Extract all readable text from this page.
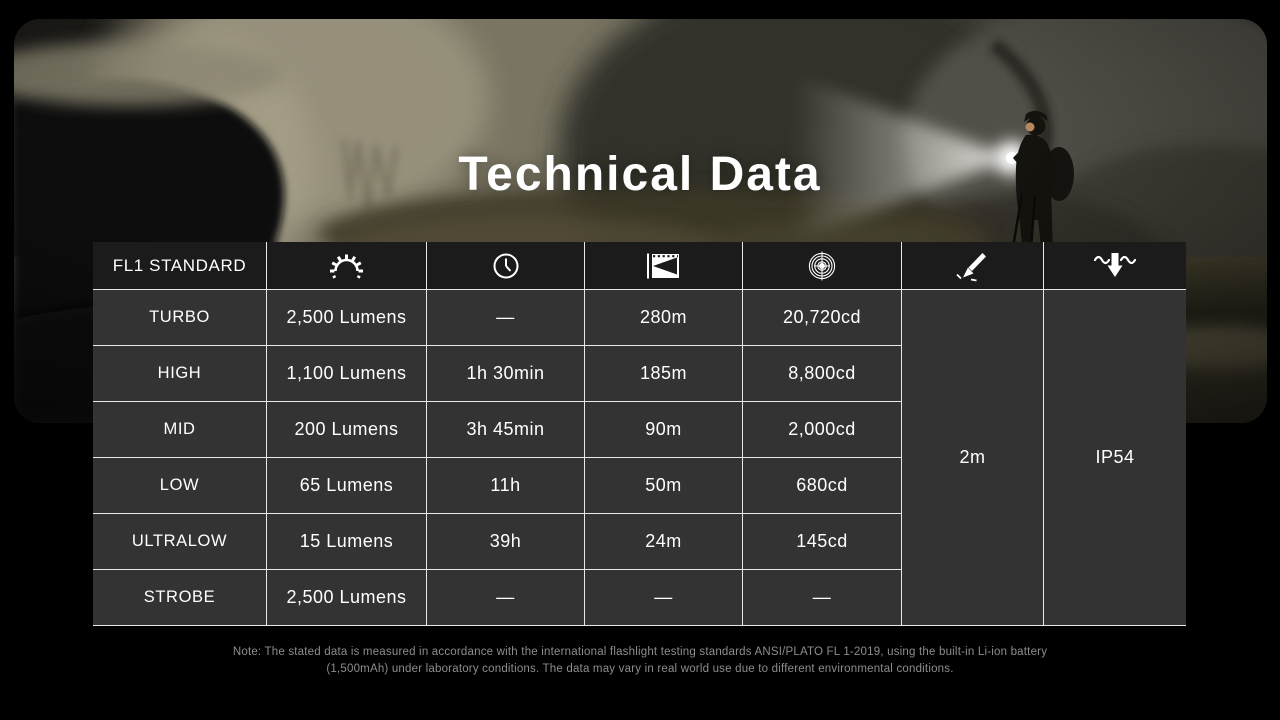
Technical Data
FL1 STANDARD
2m	IP54
TURBO	2,500 Lumens	—	280m	20,720cd
HIGH	1,100 Lumens	1h 30min	185m	8,800cd
MID	200 Lumens	3h 45min	90m	2,000cd
LOW	65 Lumens	11h	50m	680cd
ULTRALOW	15 Lumens	39h	24m	145cd
STROBE	2,500 Lumens	—	—	—
Note: The stated data is measured in accordance with the international flashlight testing standards ANSI/PLATO FL 1-2019, using the built-in Li-ion battery
(1,500mAh) under laboratory conditions. The data may vary in real world use due to different environmental conditions.
